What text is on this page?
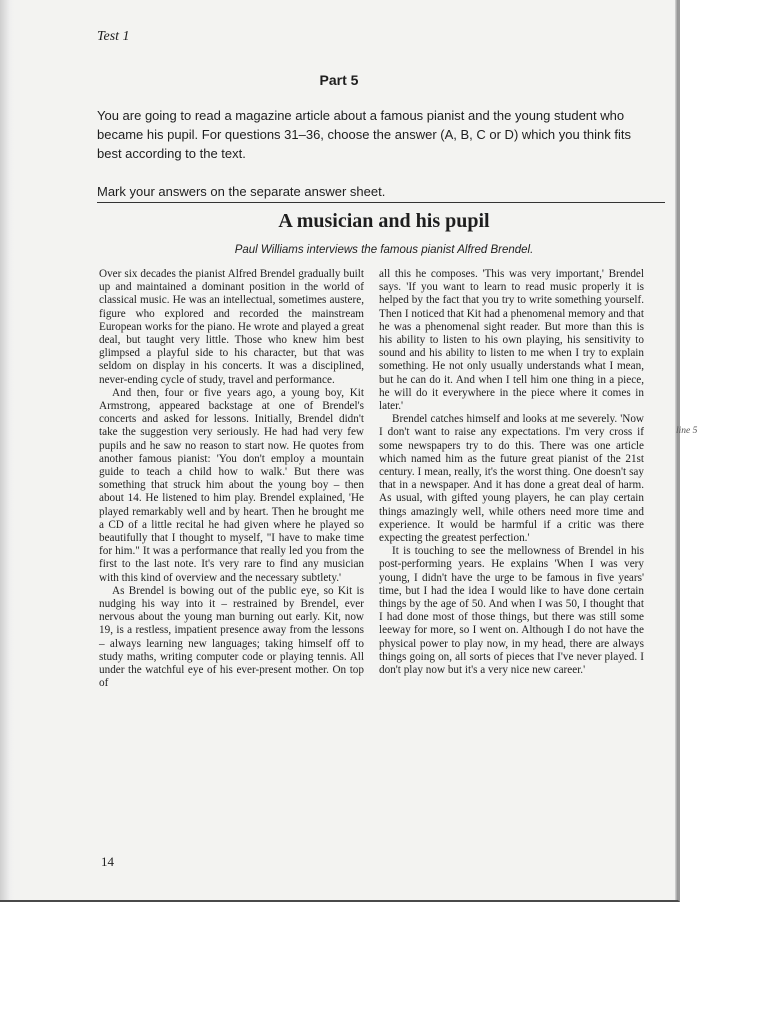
Test 1
Part 5

You are going to read a magazine article about a famous pianist and the young student who became his pupil. For questions 31–36, choose the answer (A, B, C or D) which you think fits best according to the text.

Mark your answers on the separate answer sheet.

A musician and his pupil
Paul Williams interviews the famous pianist Alfred Brendel.

Over six decades the pianist Alfred Brendel gradually built up and maintained a dominant position in the world of classical music. He was an intellectual, sometimes austere, figure who explored and recorded the mainstream European works for the piano. He wrote and played a great deal, but taught very little. Those who knew him best glimpsed a playful side to his character, but that was seldom on display in his concerts. It was a disciplined, never-ending cycle of study, travel and performance.

And then, four or five years ago, a young boy, Kit Armstrong, appeared backstage at one of Brendel's concerts and asked for lessons. Initially, Brendel didn't take the suggestion very seriously. He had had very few pupils and he saw no reason to start now. He quotes from another famous pianist: 'You don't employ a mountain guide to teach a child how to walk.' But there was something that struck him about the young boy – then about 14. He listened to him play. Brendel explained, 'He played remarkably well and by heart. Then he brought me a CD of a little recital he had given where he played so beautifully that I thought to myself, "I have to make time for him." It was a performance that really led you from the first to the last note. It's very rare to find any musician with this kind of overview and the necessary subtlety.'

As Brendel is bowing out of the public eye, so Kit is nudging his way into it – restrained by Brendel, ever nervous about the young man burning out early. Kit, now 19, is a restless, impatient presence away from the lessons – always learning new languages; taking himself off to study maths, writing computer code or playing tennis. All under the watchful eye of his ever-present mother. On top of

all this he composes. 'This was very important,' Brendel says. 'If you want to learn to read music properly it is helped by the fact that you try to write something yourself. Then I noticed that Kit had a phenomenal memory and that he was a phenomenal sight reader. But more than this is his ability to listen to his own playing, his sensitivity to sound and his ability to listen to me when I try to explain something. He not only usually understands what I mean, but he can do it. And when I tell him one thing in a piece, he will do it everywhere in the piece where it comes in later.'

Brendel catches himself and looks at me severely. 'Now I don't want to raise any expectations. I'm very cross if some newspapers try to do this. There was one article which named him as the future great pianist of the 21st century. I mean, really, it's the worst thing. One doesn't say that in a newspaper. And it has done a great deal of harm. As usual, with gifted young players, he can play certain things amazingly well, while others need more time and experience. It would be harmful if a critic was there expecting the greatest perfection.'

It is touching to see the mellowness of Brendel in his post-performing years. He explains 'When I was very young, I didn't have the urge to be famous in five years' time, but I had the idea I would like to have done certain things by the age of 50. And when I was 50, I thought that I had done most of those things, but there was still some leeway for more, so I went on. Although I do not have the physical power to play now, in my head, there are always things going on, all sorts of pieces that I've never played. I don't play now but it's a very nice new career.'

line 5
14
